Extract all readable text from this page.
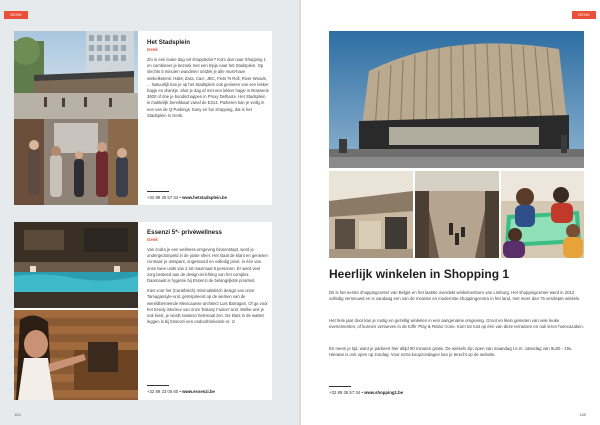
GENK

Het Stadsplein

Genk

Zin in een leuke dag vol shopplezier? Kom dan naar Shopping 1 en combineer je bezoek met een tripje naar het Stadsplein. Op slechts 5 minuten wandelen ontdek je alle must-have winkelketens: H&M, Zara, C&A, JBC, Fiets 'N Roll, River Woods, ... Natuurlijk kan je op het Stadsplein ook genieten van een lekker hapje en drankje. Sluit je dag af met een lekker hapje in Brasserie 3600 of doe je boodschappen in Proxy Delhaize. Het Stadsplein is makkelijk bereikbaar vanaf de E314. Parkeren kan je veilig in een van de Q-Parkings. Easy en fun shopping, dat is het Stadsplein in Genk.

+32 89 35 57 34 • www.hetstadsplein.be

Essenzi 5*- privéwellness

Genk

Van zodra je een wellness-omgeving binnenstapt, word je ondergedompeld in de juiste sfeer. Het staat de klant en genieten centraal: je ontspant, ongestoord en volledig privé, in één van onze twee units van 2 tot maximaal 8 personen. Er werd veel zorg besteed aan de design-inrichting van het complex. Daarnaast is hygiëne bij Essenzi de belangrijkste prioriteit.

Kies voor het (Caraïbisch) minimalistisch design van onze Tamagansyle-unit, geïnspireerd op de werken van de wereldberoemde Mexicaanse architect Luis Barragan. Of ga voor het trendy interieur van onze 'Botany Fusion'-unit. Welke unit je ook kiest, je wordt sowieso helemaal zen. De klant in de watten leggen is bij Essenzi een ondoorbrekende nr. 1!

+32 89 23 05 60 • www.essenzi.be
184
GENK
Heerlijk winkelen in Shopping 1

Dit is het eerste shoppingcenter van België en het laatste overdekt winkelcentrum van Limburg. Het shoppingcenter werd in 2012 volledig vernieuwd en is vandaag een van de mooiste en modernste shoppingcentra in het land, met meer dan 75 verdiepte winkels.

Het hele jaar door kan je rustig en gezellig winkelen in een aangename omgeving. Groot en klein genieten van vele leuke evenementen, of kunnen vertoeven in de toffe 'Play & Relax'-zone. Kom tot rust op één van deze terrassen en ook leren horecazaken.

En neem je tijd, want je parkeert hier altijd 90 minuten gratis. De winkels zijn open van maandag t.e.m. zaterdag van 9u30 - 19u. Hieraan is ook open op zondag. Voor extra koopzondagen kan je terecht op de website.

+32 89 35 57 34 • www.shopping1.be
185
